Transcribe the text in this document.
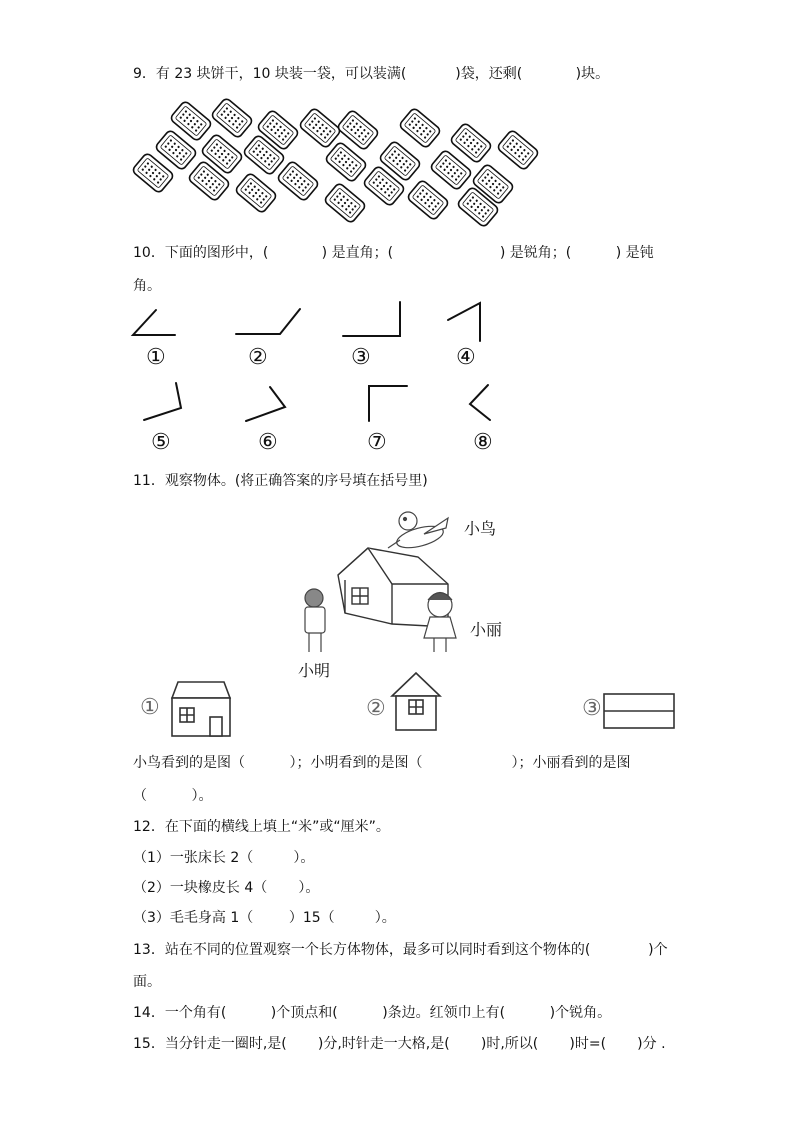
9．有 23 块饼干，10 块装一袋，可以装满(           )袋，还剩(            )块。
10．下面的图形中，(            ) 是直角；(                        ) 是锐角；(          ) 是钝
角。
①	②	③	④
⑤	⑥	⑦	⑧
11．观察物体。(将正确答案的序号填在括号里)
小鸟
小丽
小明
①	②	③
小鸟看到的是图（          ）；小明看到的是图（                    ）；小丽看到的是图
（          ）。
12．在下面的横线上填上“米”或“厘米”。
（1）一张床长 2（         ）。
（2）一块橡皮长 4（       ）。
（3）毛毛身高 1（        ）15（         ）。
13．站在不同的位置观察一个长方体物体，最多可以同时看到这个物体的(             )个
面。
14．一个角有(          )个顶点和(          )条边。红领巾上有(          )个锐角。
15．当分针走一圈时,是(       )分,时针走一大格,是(       )时,所以(       )时=(       )分 .
